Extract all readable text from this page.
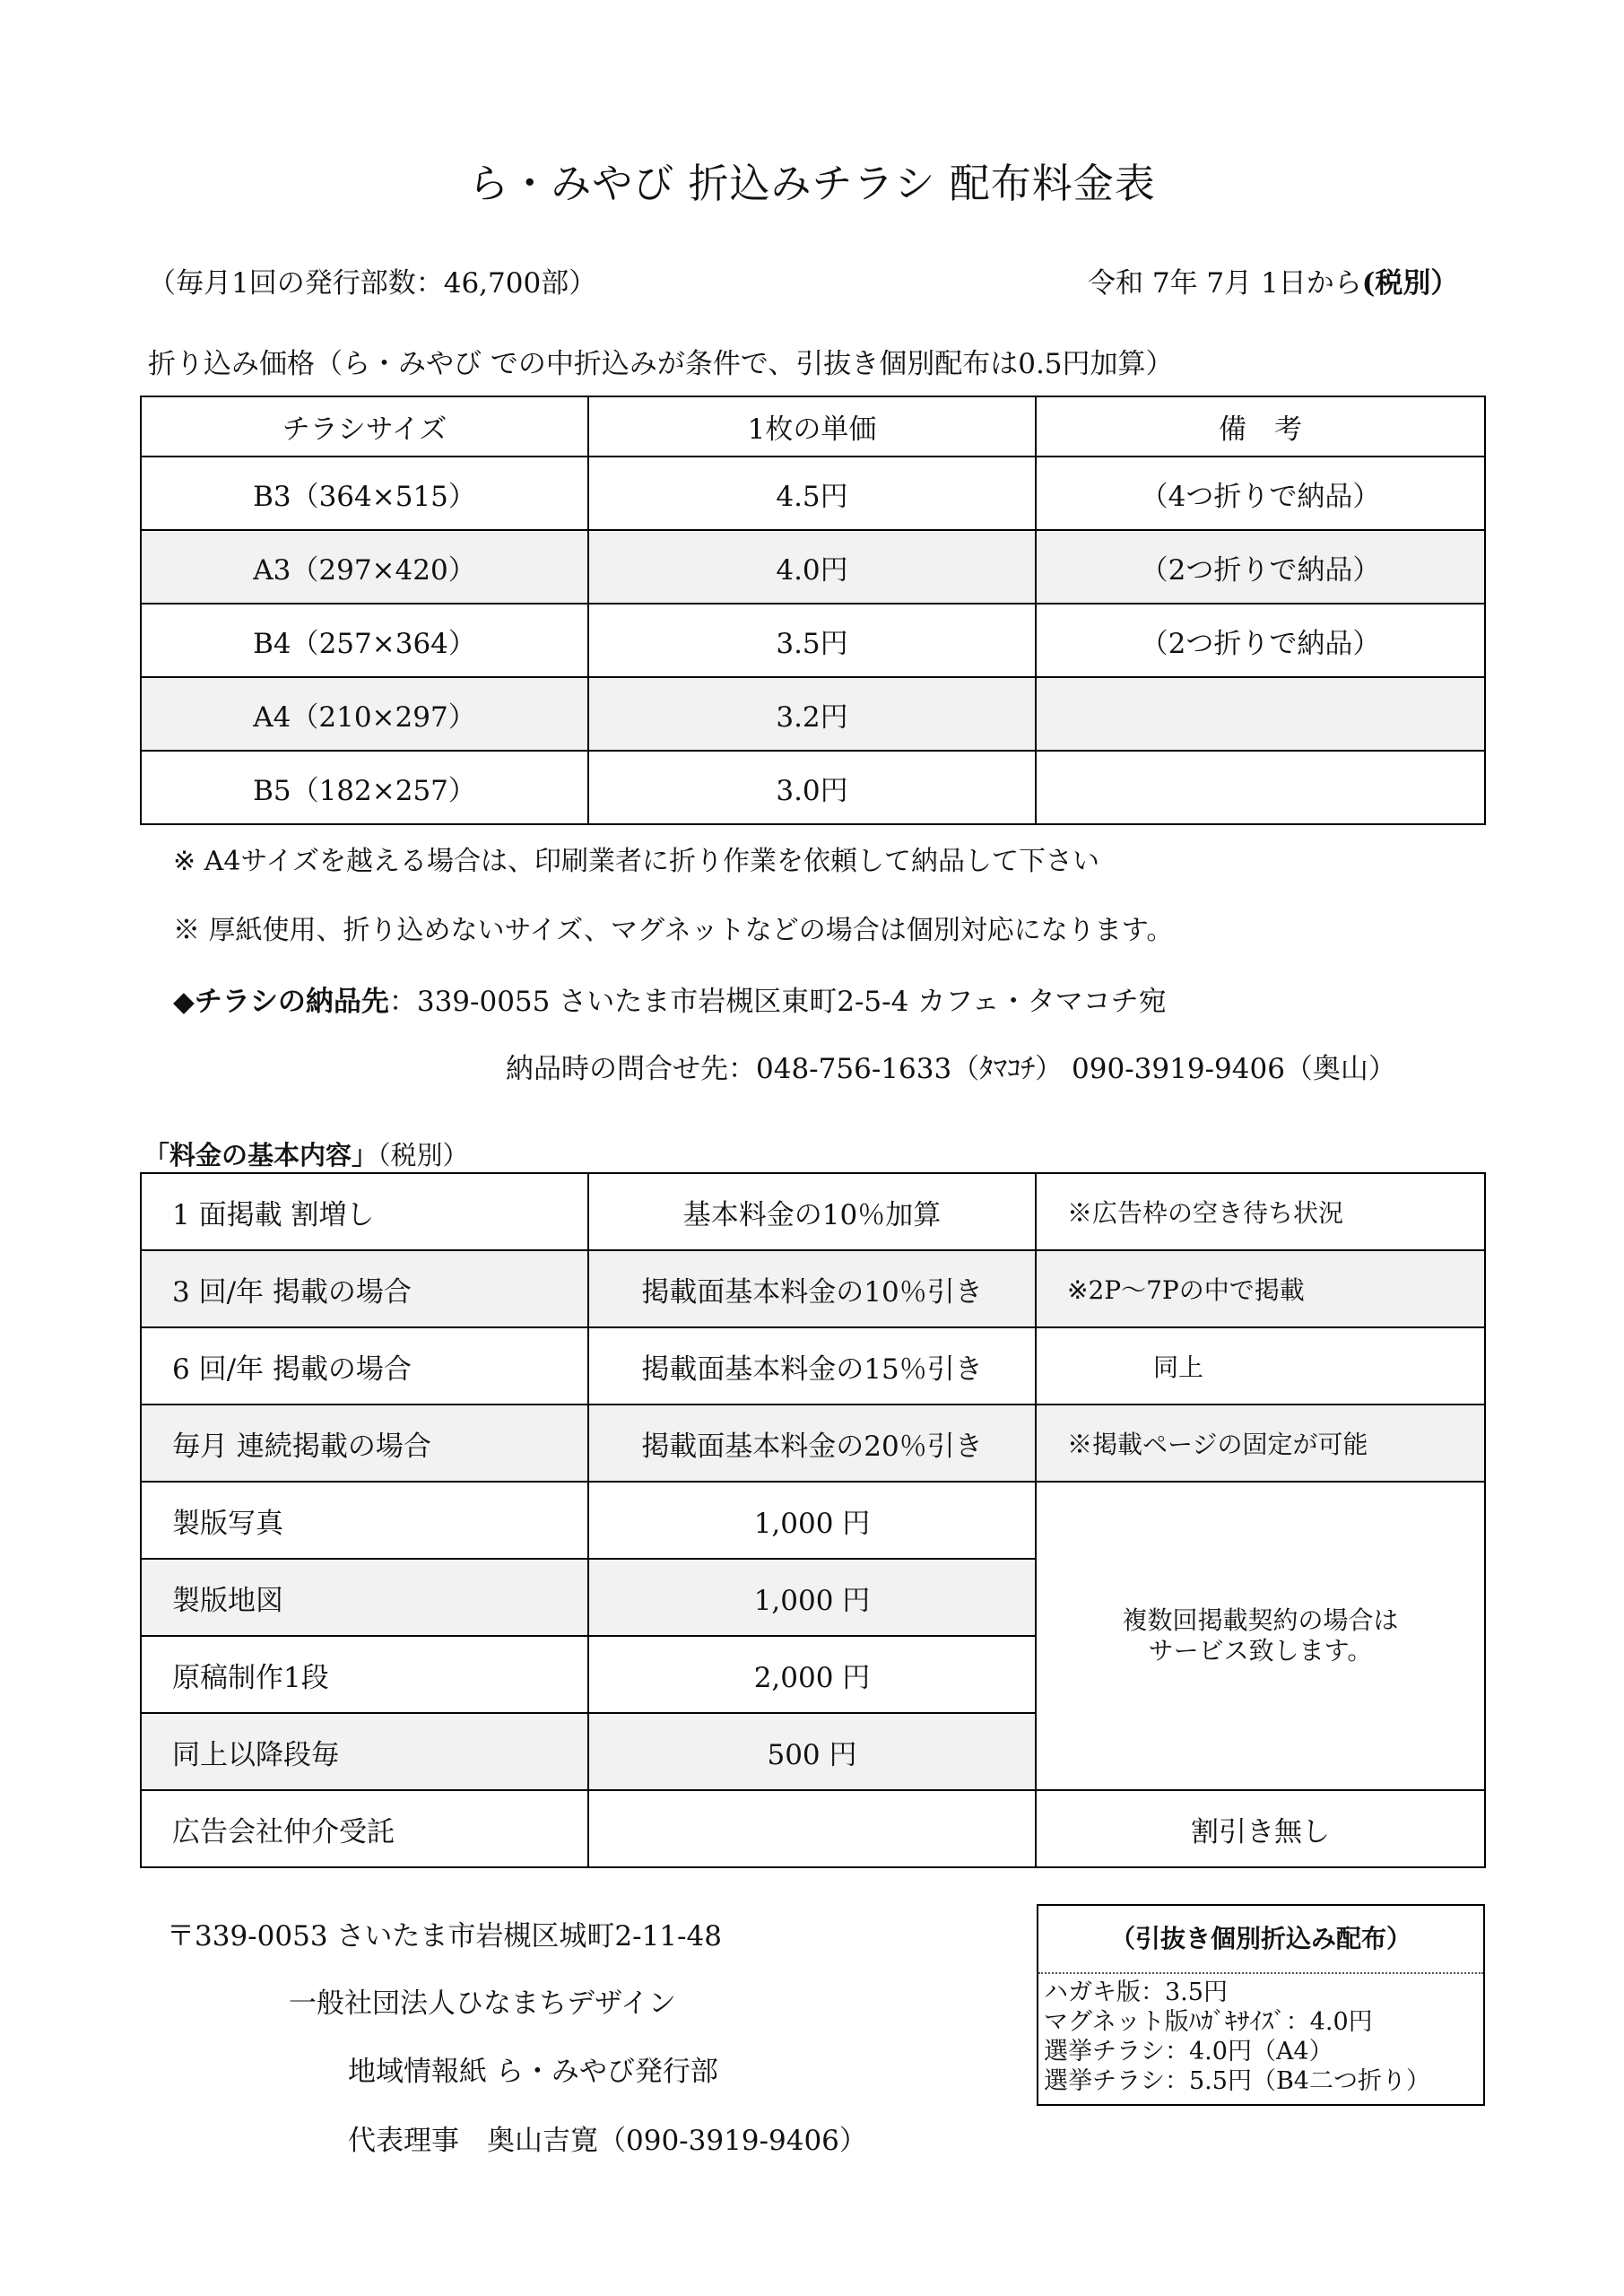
ら・みやび 折込みチラシ 配布料金表
（毎月1回の発行部数：46,700部）	令和 7年 7月 1日から(税別）
折り込み価格（ら・みやび での中折込みが条件で、引抜き個別配布は0.5円加算）
チラシサイズ	1枚の単価	備　考
B3（364×515）	4.5円	（4つ折りで納品）
A3（297×420）	4.0円	（2つ折りで納品）
B4（257×364）	3.5円	（2つ折りで納品）
A4（210×297）	3.2円	
B5（182×257）	3.0円	
※ A4サイズを越える場合は、印刷業者に折り作業を依頼して納品して下さい
※ 厚紙使用、折り込めないサイズ、マグネットなどの場合は個別対応になります。
◆チラシの納品先：339-0055 さいたま市岩槻区東町2-5-4 カフェ・タマコチ宛
納品時の問合せ先：048-756-1633（ﾀﾏｺﾁ） 090-3919-9406（奥山）
「料金の基本内容」（税別）
1 面掲載 割増し	基本料金の10％加算	※広告枠の空き待ち状況
3 回/年 掲載の場合	掲載面基本料金の10％引き	※2P～7Pの中で掲載
6 回/年 掲載の場合	掲載面基本料金の15％引き	同上
毎月 連続掲載の場合	掲載面基本料金の20％引き	※掲載ページの固定が可能
製版写真	1,000 円	複数回掲載契約の場合は
サービス致します。

製版地図	1,000 円	
原稿制作1段	2,000 円	
同上以降段毎	500 円	
広告会社仲介受託		割引き無し
〒339-0053 さいたま市岩槻区城町2-11-48
一般社団法人ひなまちデザイン
地域情報紙 ら・みやび発行部
代表理事　奥山吉寛（090-3919-9406）
（引抜き個別折込み配布）
ハガキ版：3.5円
マグネット版ﾊｶﾞｷｻｲｽﾞ：4.0円
選挙チラシ：4.0円（A4）
選挙チラシ：5.5円（B4二つ折り）
